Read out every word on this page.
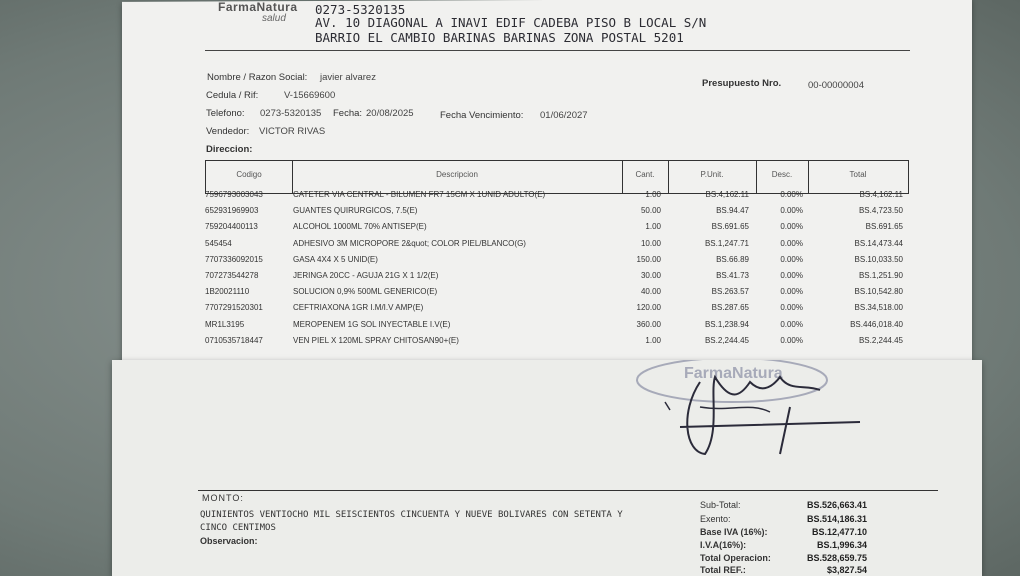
FarmaNatura
salud
0273-5320135
AV. 10 DIAGONAL A INAVI EDIF CADEBA PISO B LOCAL S/N
BARRIO EL CAMBIO BARINAS BARINAS ZONA POSTAL 5201
Nombre / Razon Social: javier alvarez
Cedula / Rif:	V-15669600
Telefono: 0273-5320135 Fecha: 20/08/2025	Fecha Vencimiento: 01/06/2027
Vendedor: VICTOR RIVAS
Direccion:
Presupuesto Nro.	00-00000004
Codigo	Descripcion	Cant.	P.Unit.	Desc.	Total
7596793003043	CATETER VIA CENTRAL - BILUMEN FR7 15CM X 1UNID ADULTO(E)	1.00	BS.4,162.11	0.00%	BS.4,162.11
652931969903	GUANTES QUIRURGICOS, 7.5(E)	50.00	BS.94.47	0.00%	BS.4,723.50
759204400113	ALCOHOL 1000ML 70% ANTISEP(E)	1.00	BS.691.65	0.00%	BS.691.65
545454	ADHESIVO 3M MICROPORE 2&quot; COLOR PIEL/BLANCO(G)	10.00	BS.1,247.71	0.00%	BS.14,473.44
7707336092015	GASA 4X4 X 5 UNID(E)	150.00	BS.66.89	0.00%	BS.10,033.50
707273544278	JERINGA 20CC - AGUJA 21G X 1 1/2(E)	30.00	BS.41.73	0.00%	BS.1,251.90
1B20021110	SOLUCION 0,9% 500ML GENERICO(E)	40.00	BS.263.57	0.00%	BS.10,542.80
7707291520301	CEFTRIAXONA 1GR I.M/I.V AMP(E)	120.00	BS.287.65	0.00%	BS.34,518.00
MR1L3195	MEROPENEM 1G SOL INYECTABLE I.V(E)	360.00	BS.1,238.94	0.00%	BS.446,018.40
0710535718447	VEN PIEL X 120ML SPRAY CHITOSAN90+(E)	1.00	BS.2,244.45	0.00%	BS.2,244.45
FarmaNatura
MONTO:
QUINIENTOS VENTIOCHO MIL SEISCIENTOS CINCUENTA Y NUEVE BOLIVARES CON SETENTA Y CINCO CENTIMOS
Observacion:
Sub-Total:	BS.526,663.41
Exento:	BS.514,186.31
Base IVA (16%):	BS.12,477.10
I.V.A(16%):	BS.1,996.34
Total Operacion:	BS.528,659.75
Total REF.:	$3,827.54
